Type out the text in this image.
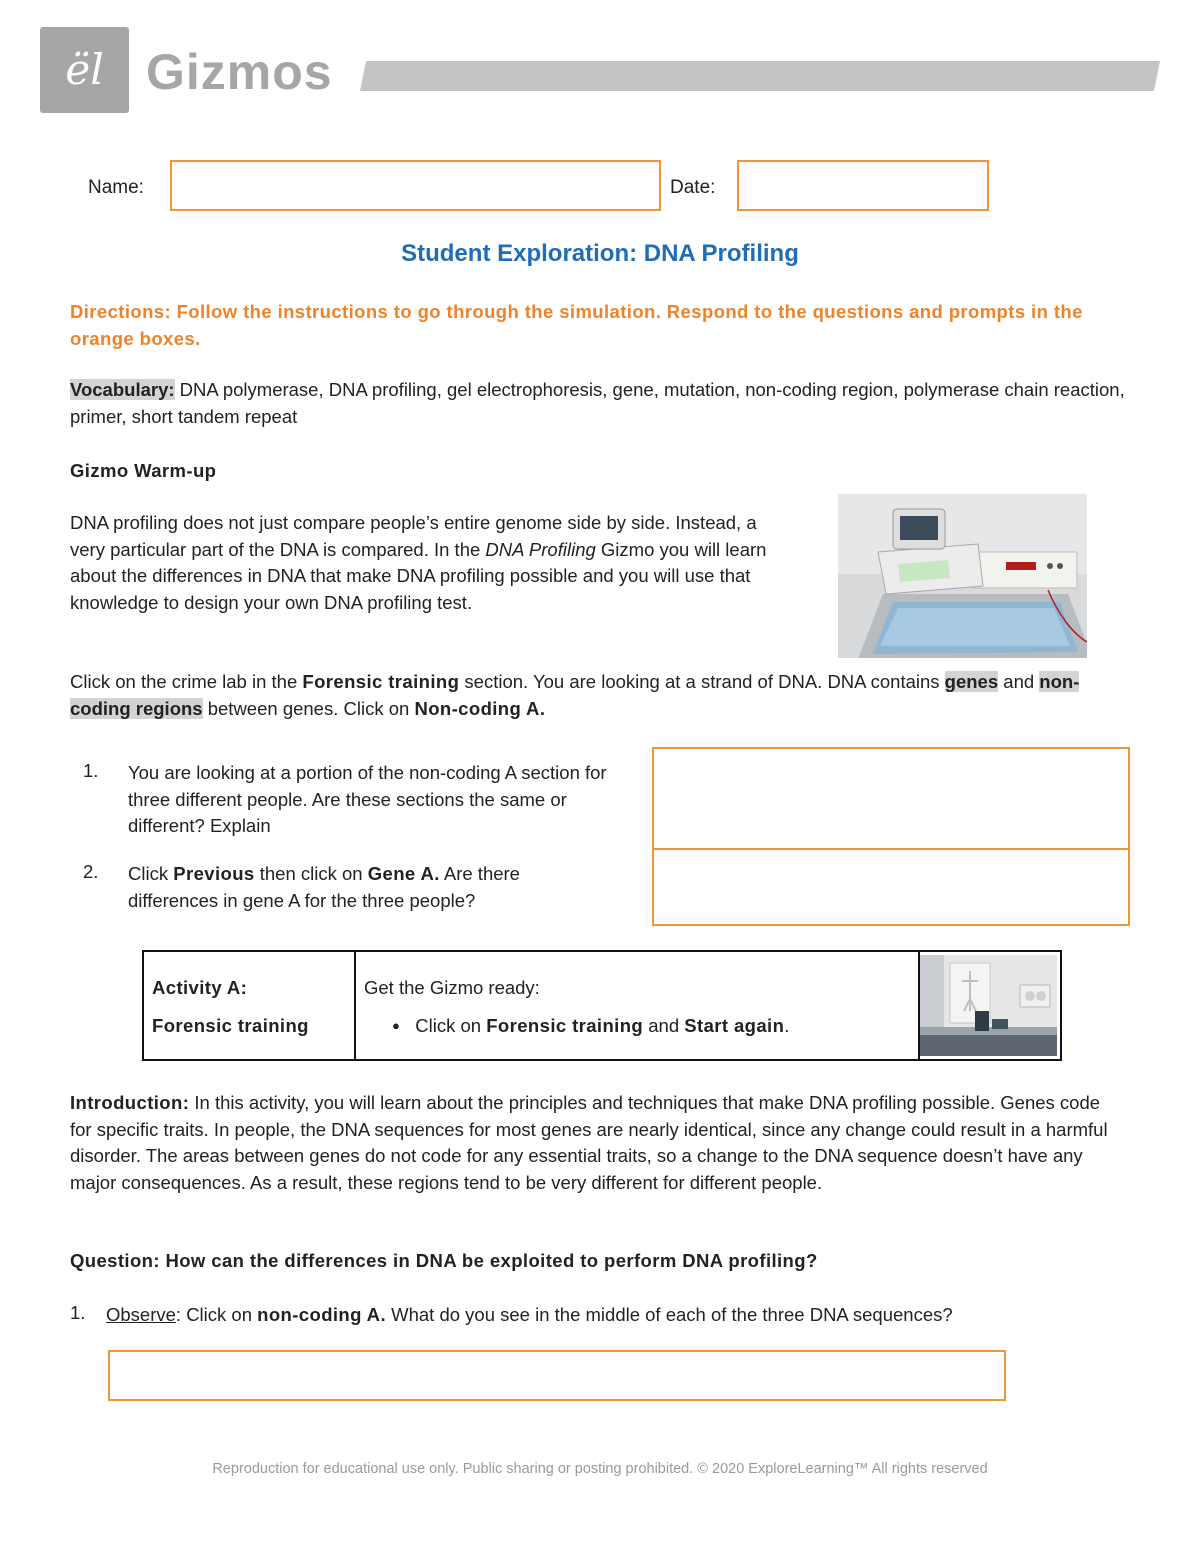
ël Gizmos
Name:	Date:
Student Exploration: DNA Profiling
Directions: Follow the instructions to go through the simulation. Respond to the questions and prompts in the orange boxes.
Vocabulary: DNA polymerase, DNA profiling, gel electrophoresis, gene, mutation, non-coding region, polymerase chain reaction, primer, short tandem repeat
Gizmo Warm-up
DNA profiling does not just compare people’s entire genome side by side. Instead, a very particular part of the DNA is compared. In the DNA Profiling Gizmo you will learn about the differences in DNA that make DNA profiling possible and you will use that knowledge to design your own DNA profiling test.
Click on the crime lab in the Forensic training section. You are looking at a strand of DNA. DNA contains genes and non-coding regions between genes. Click on Non-coding A.
1. You are looking at a portion of the non-coding A section for three different people. Are these sections the same or different? Explain
2. Click Previous then click on Gene A. Are there differences in gene A for the three people?
Activity A:
Forensic training
Get the Gizmo ready:
● Click on Forensic training and Start again.
Introduction: In this activity, you will learn about the principles and techniques that make DNA profiling possible. Genes code for specific traits. In people, the DNA sequences for most genes are nearly identical, since any change could result in a harmful disorder. The areas between genes do not code for any essential traits, so a change to the DNA sequence doesn’t have any major consequences. As a result, these regions tend to be very different for different people.
Question: How can the differences in DNA be exploited to perform DNA profiling?
1. Observe: Click on non-coding A. What do you see in the middle of each of the three DNA sequences?
Reproduction for educational use only. Public sharing or posting prohibited. © 2020 ExploreLearning™ All rights reserved
